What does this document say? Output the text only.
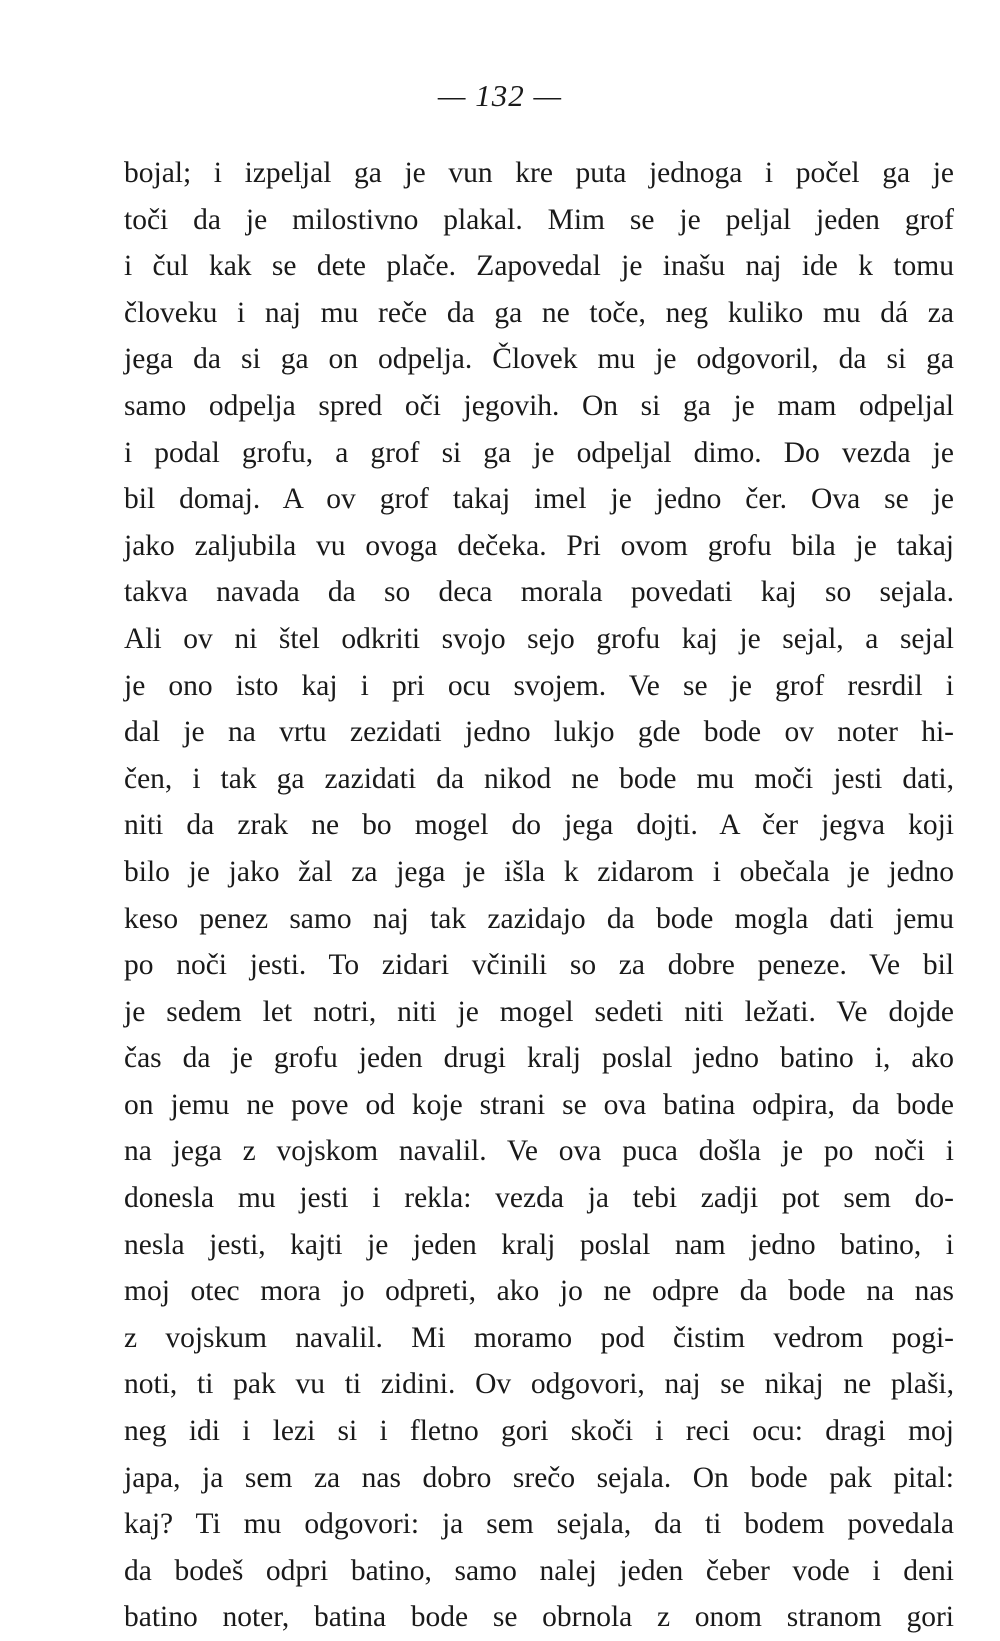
— 132 —
bojal; i izpeljal ga je vun kre puta jednoga i počel ga je
toči da je milostivno plakal. Mim se je peljal jeden grof
i čul kak se dete plače. Zapovedal je inašu naj ide k tomu
človeku i naj mu reče da ga ne toče, neg kuliko mu dá za
jega da si ga on odpelja. Človek mu je odgovoril, da si ga
samo odpelja spred oči jegovih. On si ga je mam odpeljal
i podal grofu, a grof si ga je odpeljal dimo. Do vezda je
bil domaj. A ov grof takaj imel je jedno čer. Ova se je
jako zaljubila vu ovoga dečeka. Pri ovom grofu bila je takaj
takva navada da so deca morala povedati kaj so sejala.
Ali ov ni štel odkriti svojo sejo grofu kaj je sejal, a sejal
je ono isto kaj i pri ocu svojem. Ve se je grof resrdil i
dal je na vrtu zezidati jedno lukjo gde bode ov noter hi-
čen, i tak ga zazidati da nikod ne bode mu moči jesti dati,
niti da zrak ne bo mogel do jega dojti. A čer jegva koji
bilo je jako žal za jega je išla k zidarom i obečala je jedno
keso penez samo naj tak zazidajo da bode mogla dati jemu
po noči jesti. To zidari včinili so za dobre peneze. Ve bil
je sedem let notri, niti je mogel sedeti niti ležati. Ve dojde
čas da je grofu jeden drugi kralj poslal jedno batino i, ako
on jemu ne pove od koje strani se ova batina odpira, da bode
na jega z vojskom navalil. Ve ova puca došla je po noči i
donesla mu jesti i rekla: vezda ja tebi zadji pot sem do-
nesla jesti, kajti je jeden kralj poslal nam jedno batino, i
moj otec mora jo odpreti, ako jo ne odpre da bode na nas
z vojskum navalil. Mi moramo pod čistim vedrom pogi-
noti, ti pak vu ti zidini. Ov odgovori, naj se nikaj ne plaši,
neg idi i lezi si i fletno gori skoči i reci ocu: dragi moj
japa, ja sem za nas dobro srečo sejala. On bode pak pital:
kaj? Ti mu odgovori: ja sem sejala, da ti bodem povedala
da bodeš odpri batino, samo nalej jeden čeber vode i deni
batino noter, batina bode se obrnola z onom stranom gori
